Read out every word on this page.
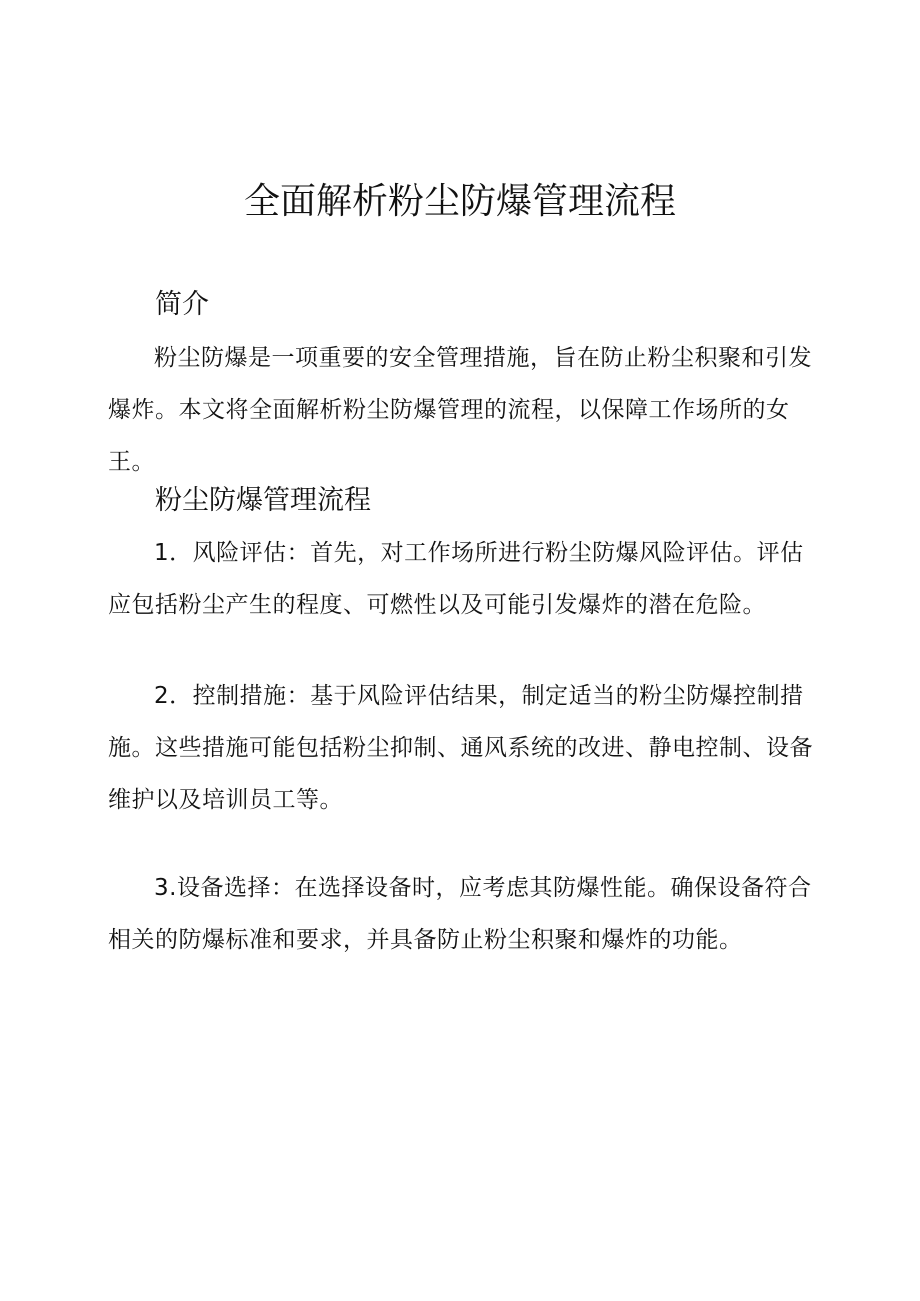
全面解析粉尘防爆管理流程
简介
粉尘防爆是一项重要的安全管理措施，旨在防止粉尘积聚和引发爆炸。本文将全面解析粉尘防爆管理的流程，以保障工作场所的女王。
粉尘防爆管理流程
1．风险评估：首先，对工作场所进行粉尘防爆风险评估。评估应包括粉尘产生的程度、可燃性以及可能引发爆炸的潜在危险。
2．控制措施：基于风险评估结果，制定适当的粉尘防爆控制措施。这些措施可能包括粉尘抑制、通风系统的改进、静电控制、设备维护以及培训员工等。
3.设备选择：在选择设备时，应考虑其防爆性能。确保设备符合相关的防爆标准和要求，并具备防止粉尘积聚和爆炸的功能。
